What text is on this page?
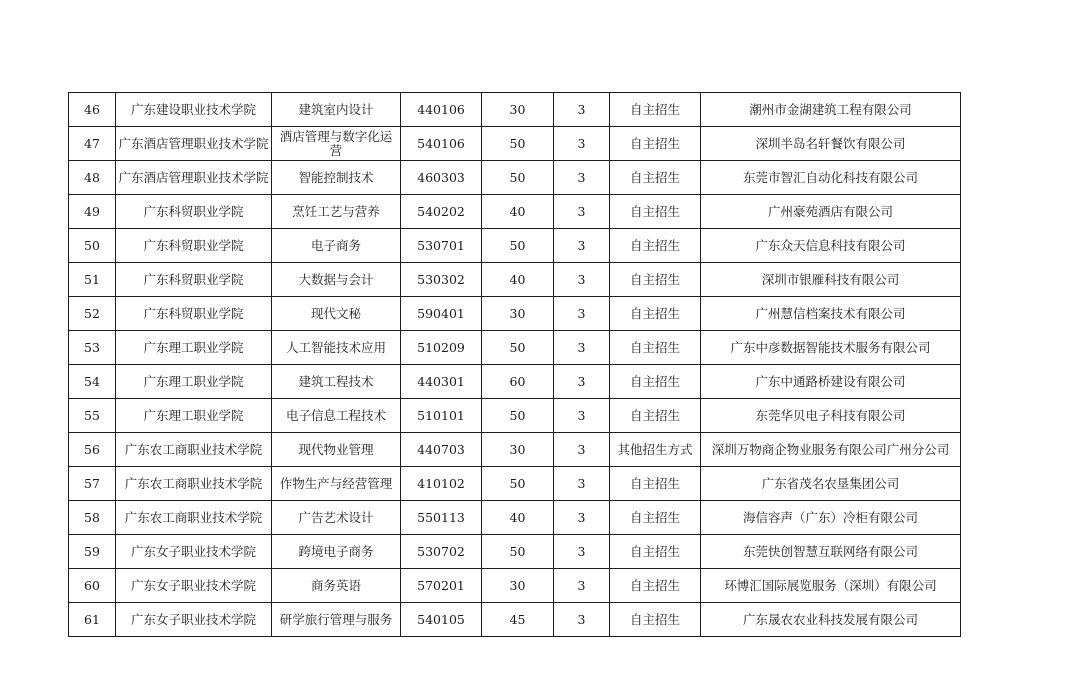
46	广东建设职业技术学院	建筑室内设计	440106	30	3	自主招生	潮州市金湖建筑工程有限公司
47	广东酒店管理职业技术学院	酒店管理与数字化运营	540106	50	3	自主招生	深圳半岛名轩餐饮有限公司
48	广东酒店管理职业技术学院	智能控制技术	460303	50	3	自主招生	东莞市智汇自动化科技有限公司
49	广东科贸职业学院	烹饪工艺与营养	540202	40	3	自主招生	广州豪苑酒店有限公司
50	广东科贸职业学院	电子商务	530701	50	3	自主招生	广东众天信息科技有限公司
51	广东科贸职业学院	大数据与会计	530302	40	3	自主招生	深圳市银雁科技有限公司
52	广东科贸职业学院	现代文秘	590401	30	3	自主招生	广州慧信档案技术有限公司
53	广东理工职业学院	人工智能技术应用	510209	50	3	自主招生	广东中彦数据智能技术服务有限公司
54	广东理工职业学院	建筑工程技术	440301	60	3	自主招生	广东中通路桥建设有限公司
55	广东理工职业学院	电子信息工程技术	510101	50	3	自主招生	东莞华贝电子科技有限公司
56	广东农工商职业技术学院	现代物业管理	440703	30	3	其他招生方式	深圳万物商企物业服务有限公司广州分公司
57	广东农工商职业技术学院	作物生产与经营管理	410102	50	3	自主招生	广东省茂名农垦集团公司
58	广东农工商职业技术学院	广告艺术设计	550113	40	3	自主招生	海信容声（广东）冷柜有限公司
59	广东女子职业技术学院	跨境电子商务	530702	50	3	自主招生	东莞快创智慧互联网络有限公司
60	广东女子职业技术学院	商务英语	570201	30	3	自主招生	环博汇国际展览服务（深圳）有限公司
61	广东女子职业技术学院	研学旅行管理与服务	540105	45	3	自主招生	广东晟农农业科技发展有限公司
